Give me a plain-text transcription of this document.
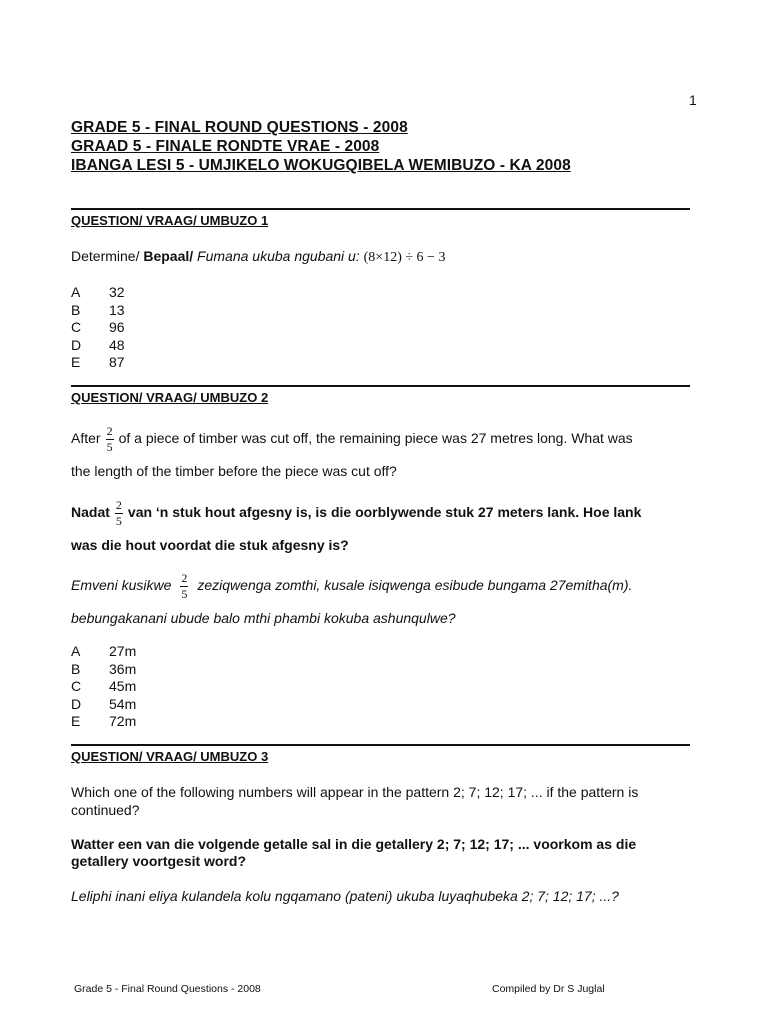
1
GRADE 5 - FINAL ROUND QUESTIONS - 2008
GRAAD 5 - FINALE RONDTE VRAE - 2008
IBANGA LESI 5 - UMJIKELO WOKUGQIBELA WEMIBUZO - KA 2008
QUESTION/ VRAAG/ UMBUZO 1
Determine/ Bepaal/ Fumana ukuba ngubani u: (8×12) ÷ 6 − 3
A	32
B	13
C	96
D	48
E	87
QUESTION/ VRAAG/ UMBUZO 2
After $\frac{2}{5}$ of a piece of timber was cut off, the remaining piece was 27 metres long. What was
the length of the timber before the piece was cut off?
Nadat $\frac{2}{5}$ van ‘n stuk hout afgesny is, is die oorblywende stuk 27 meters lank. Hoe lank
was die hout voordat die stuk afgesny is?
Emveni kusikwe $\frac{2}{5}$ zeziqwenga zomthi, kusale isiqwenga esibude bungama 27emitha(m).
bebungakanani ubude balo mthi phambi kokuba ashunqulwe?
A	27m
B	36m
C	45m
D	54m
E	72m
QUESTION/ VRAAG/ UMBUZO 3
Which one of the following numbers will appear in the pattern 2; 7; 12; 17; ... if the pattern is
continued?
Watter een van die volgende getalle sal in die getallery 2; 7; 12; 17; ... voorkom as die
getallery voortgesit word?
Leliphi inani eliya kulandela kolu ngqamano (pateni) ukuba luyaqhubeka 2; 7; 12; 17; ...?
Grade 5 - Final Round Questions - 2008	Compiled by Dr S Juglal
